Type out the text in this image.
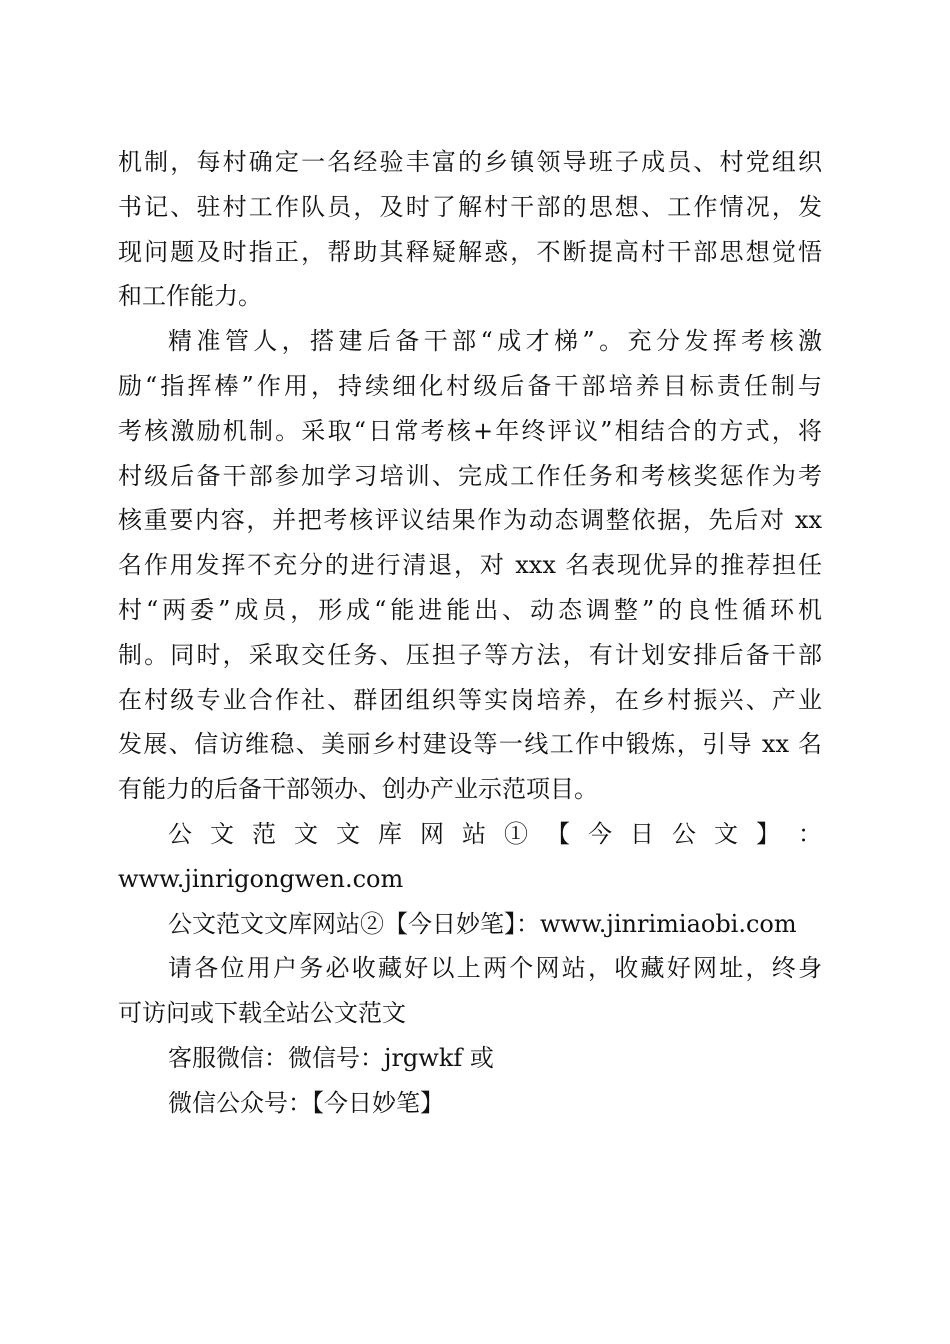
机制，每村确定一名经验丰富的乡镇领导班子成员、村党组织
书记、驻村工作队员，及时了解村干部的思想、工作情况，发
现问题及时指正，帮助其释疑解惑，不断提高村干部思想觉悟
和工作能力。
精准管人，搭建后备干部“成才梯”。充分发挥考核激
励“指挥棒”作用，持续细化村级后备干部培养目标责任制与
考核激励机制。采取“日常考核+年终评议”相结合的方式，将
村级后备干部参加学习培训、完成工作任务和考核奖惩作为考
核重要内容，并把考核评议结果作为动态调整依据，先后对 xx
名作用发挥不充分的进行清退，对 xxx 名表现优异的推荐担任
村“两委”成员，形成“能进能出、动态调整”的良性循环机
制。同时，采取交任务、压担子等方法，有计划安排后备干部
在村级专业合作社、群团组织等实岗培养，在乡村振兴、产业
发展、信访维稳、美丽乡村建设等一线工作中锻炼，引导 xx 名
有能力的后备干部领办、创办产业示范项目。
公 文 范 文 文 库 网 站 ① 【 今 日 公 文 】 ：
www.jinrigongwen.com
公文范文文库网站②【今日妙笔】：www.jinrimiaobi.com
请各位用户务必收藏好以上两个网站，收藏好网址，终身
可访问或下载全站公文范文
客服微信：微信号：jrgwkf 或
微信公众号：【今日妙笔】
